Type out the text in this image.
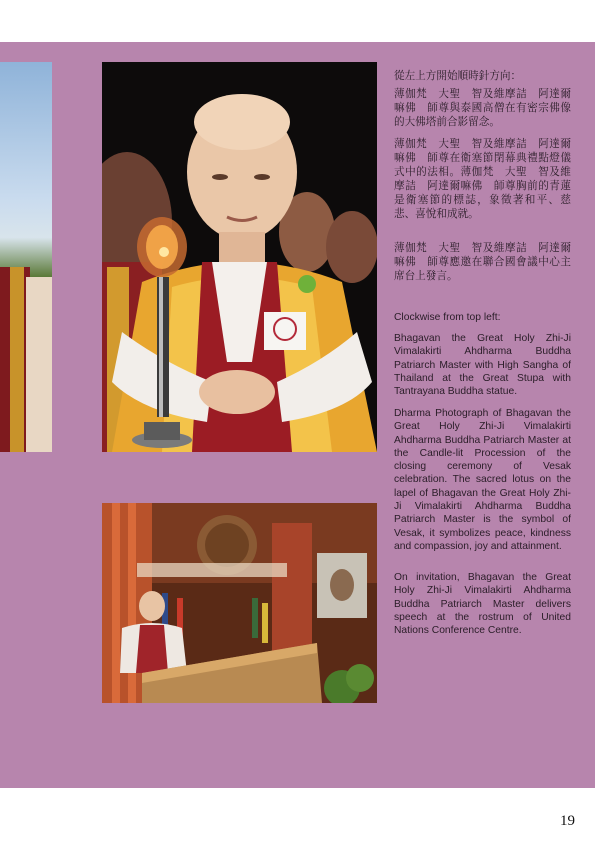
從左上方開始順時針方向：

薄伽梵　大聖　智及維摩詰　阿達爾嘛佛　師尊與泰國高僧在有密宗佛像的大佛塔前合影留念。

薄伽梵　大聖　智及維摩詰　阿達爾嘛佛　師尊在衛塞節閉幕典禮點燈儀式中的法相。薄伽梵　大聖　智及維摩詰　阿達爾嘛佛　師尊胸前的青蓮是衛塞節的標誌，象徵著和平、慈悲、喜悅和成就。

薄伽梵　大聖　智及維摩詰　阿達爾嘛佛　師尊應邀在聯合國會議中心主席台上發言。

Clockwise from top left:

Bhagavan the Great Holy Zhi-Ji Vimalakirti Ahdharma Buddha Patriarch Master with High Sangha of Thailand at the Great Stupa with Tantrayana Buddha statue.

Dharma Photograph of Bhagavan the Great Holy Zhi-Ji Vimalakirti Ahdharma Buddha Patriarch Master at the Candle-lit Procession of the closing ceremony of Vesak celebration. The sacred lotus on the lapel of Bhagavan the Great Holy Zhi-Ji Vimalakirti Ahdharma Buddha Patriarch Master is the symbol of Vesak, it symbolizes peace, kindness and compassion, joy and attainment.

On invitation, Bhagavan the Great Holy Zhi-Ji Vimalakirti Ahdharma Buddha Patriarch Master delivers speech at the rostrum of United Nations Conference Centre.

19
